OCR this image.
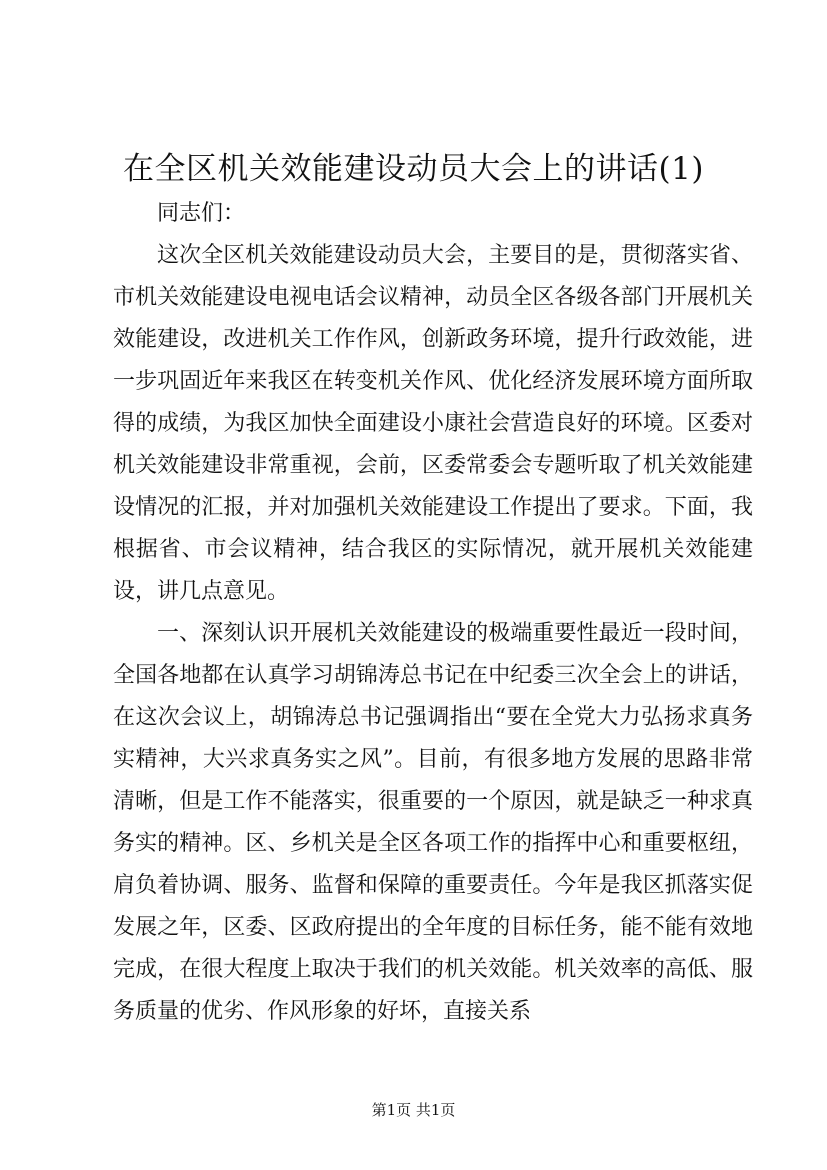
在全区机关效能建设动员大会上的讲话(1)

同志们：

这次全区机关效能建设动员大会，主要目的是，贯彻落实省、市机关效能建设电视电话会议精神，动员全区各级各部门开展机关效能建设，改进机关工作作风，创新政务环境，提升行政效能，进一步巩固近年来我区在转变机关作风、优化经济发展环境方面所取得的成绩，为我区加快全面建设小康社会营造良好的环境。区委对机关效能建设非常重视，会前，区委常委会专题听取了机关效能建设情况的汇报，并对加强机关效能建设工作提出了要求。下面，我根据省、市会议精神，结合我区的实际情况，就开展机关效能建设，讲几点意见。

一、深刻认识开展机关效能建设的极端重要性最近一段时间，全国各地都在认真学习胡锦涛总书记在中纪委三次全会上的讲话，在这次会议上，胡锦涛总书记强调指出“要在全党大力弘扬求真务实精神，大兴求真务实之风”。目前，有很多地方发展的思路非常清晰，但是工作不能落实，很重要的一个原因，就是缺乏一种求真务实的精神。区、乡机关是全区各项工作的指挥中心和重要枢纽，肩负着协调、服务、监督和保障的重要责任。今年是我区抓落实促发展之年，区委、区政府提出的全年度的目标任务，能不能有效地完成，在很大程度上取决于我们的机关效能。机关效率的高低、服务质量的优劣、作风形象的好坏，直接关系

第1页 共1页
